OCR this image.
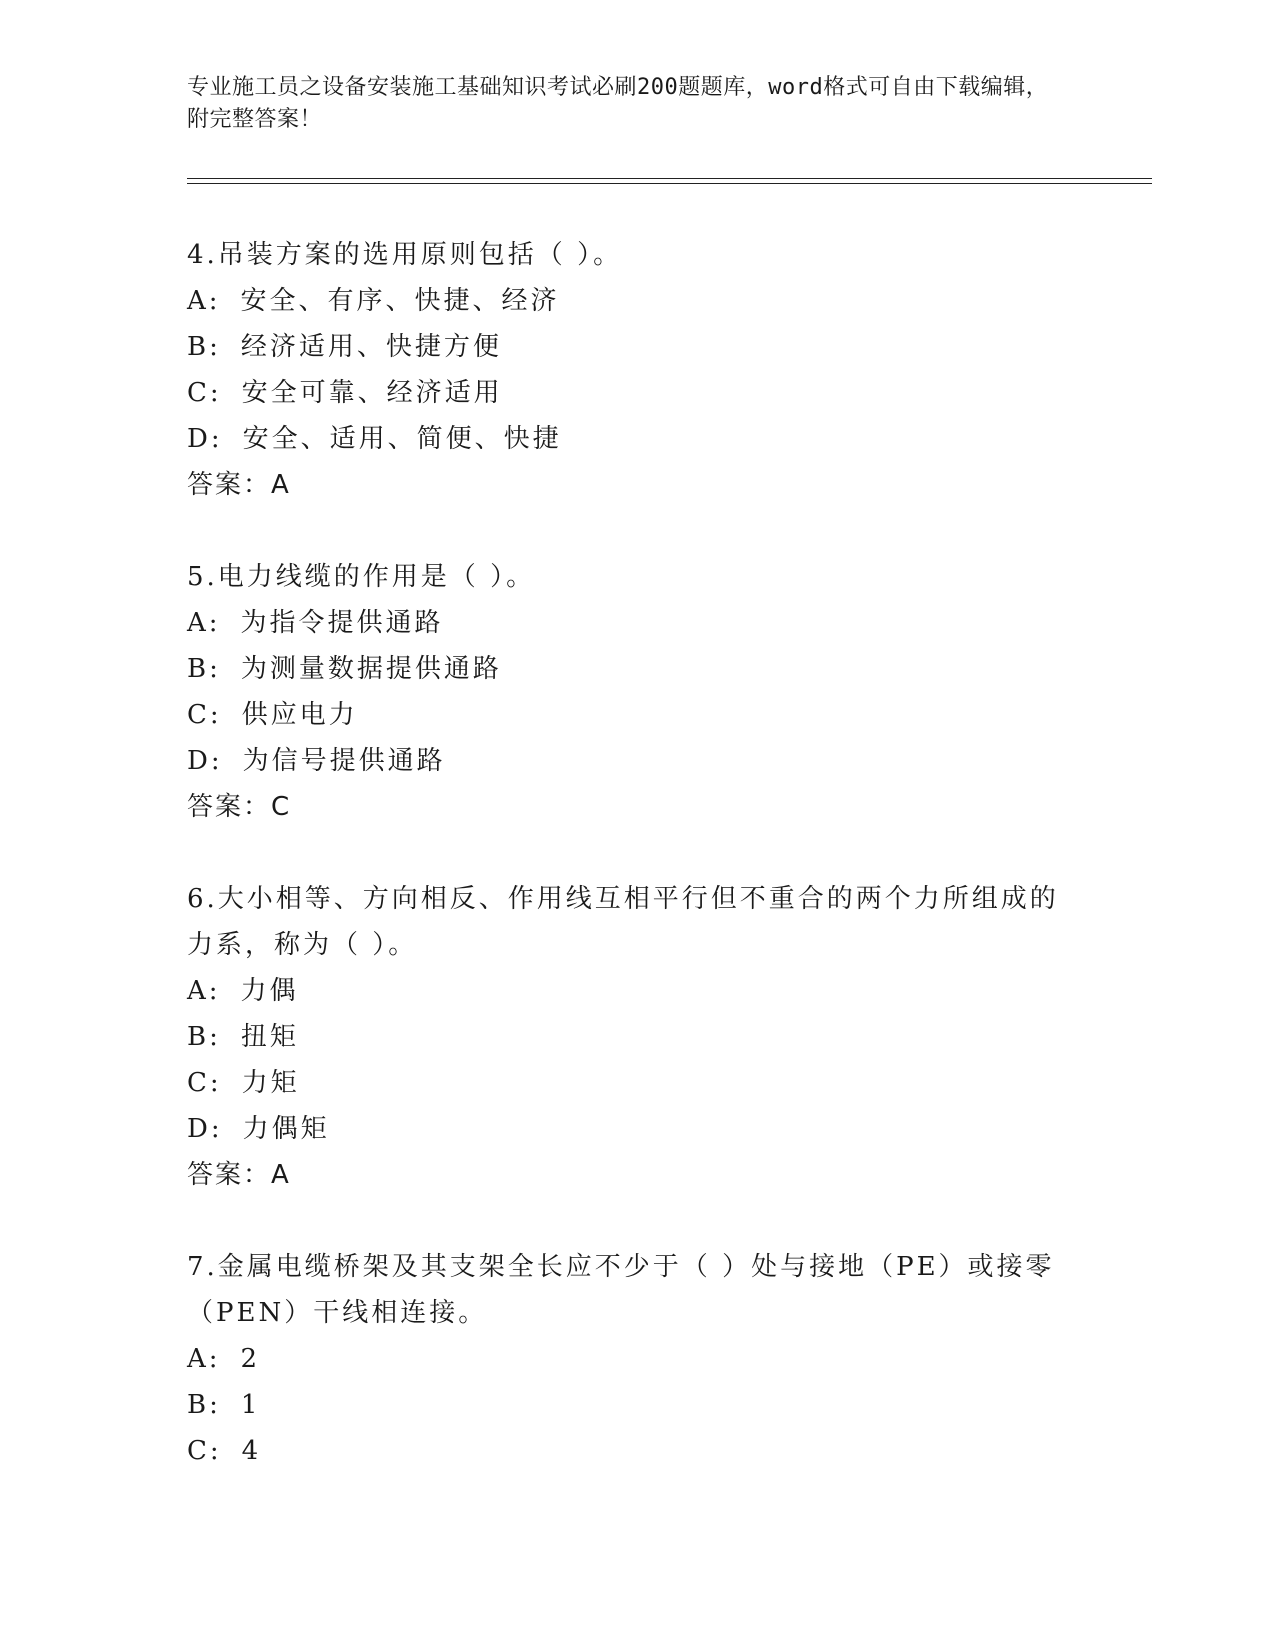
专业施工员之设备安装施工基础知识考试必刷200题题库，word格式可自由下载编辑，附完整答案！

4.吊装方案的选用原则包括（ ）。

A: 安全、有序、快捷、经济

B: 经济适用、快捷方便

C: 安全可靠、经济适用

D: 安全、适用、简便、快捷

答案：A

5.电力线缆的作用是（ ）。

A: 为指令提供通路

B: 为测量数据提供通路

C: 供应电力

D: 为信号提供通路

答案：C

6.大小相等、方向相反、作用线互相平行但不重合的两个力所组成的力系，称为（ ）。

A: 力偶

B: 扭矩

C: 力矩

D: 力偶矩

答案：A

7.金属电缆桥架及其支架全长应不少于（ ）处与接地（PE）或接零（PEN）干线相连接。

A: 2

B: 1

C: 4
